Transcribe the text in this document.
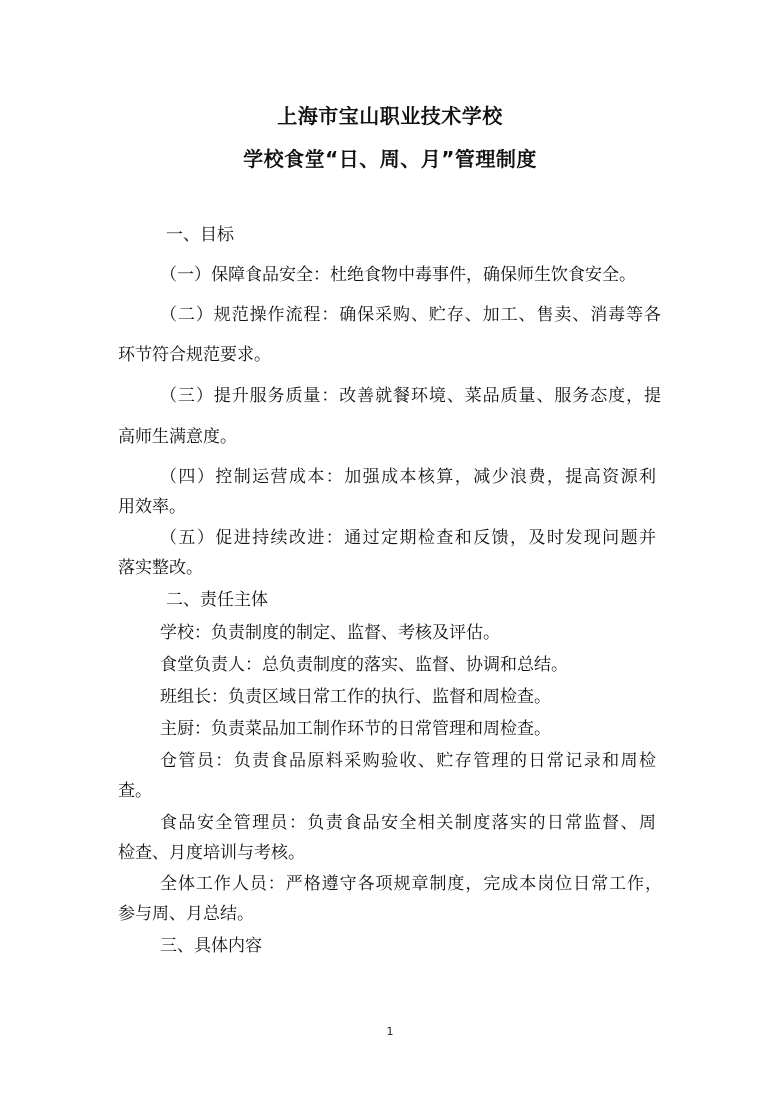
上海市宝山职业技术学校
学校食堂“日、周、月”管理制度
一、目标
（一）保障食品安全：杜绝食物中毒事件，确保师生饮食安全。
（二）规范操作流程：确保采购、贮存、加工、售卖、消毒等各
环节符合规范要求。
（三）提升服务质量：改善就餐环境、菜品质量、服务态度，提
高师生满意度。
（四）控制运营成本：加强成本核算，减少浪费，提高资源利
用效率。
（五）促进持续改进：通过定期检查和反馈，及时发现问题并
落实整改。
二、责任主体
学校：负责制度的制定、监督、考核及评估。
食堂负责人：总负责制度的落实、监督、协调和总结。
班组长：负责区域日常工作的执行、监督和周检查。
主厨：负责菜品加工制作环节的日常管理和周检查。
仓管员：负责食品原料采购验收、贮存管理的日常记录和周检
查。
食品安全管理员：负责食品安全相关制度落实的日常监督、周
检查、月度培训与考核。
全体工作人员：严格遵守各项规章制度，完成本岗位日常工作，
参与周、月总结。
三、具体内容
1
